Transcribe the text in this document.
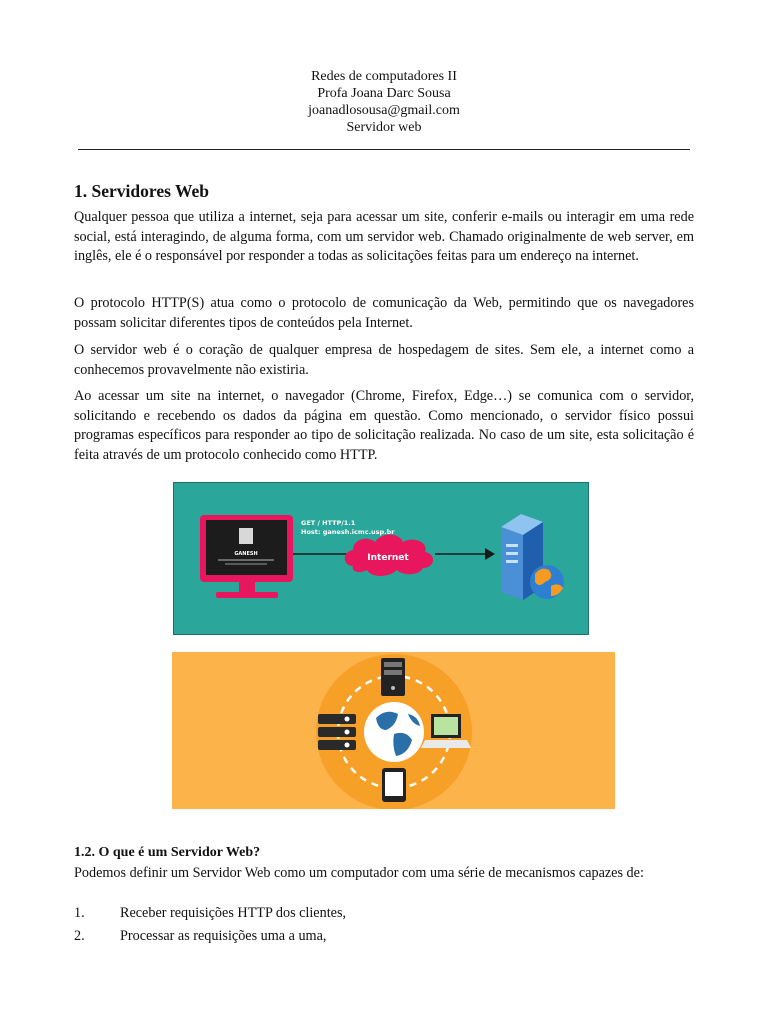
Redes de computadores II
Profa Joana Darc Sousa
joanadlosousa@gmail.com
Servidor web
1. Servidores Web
Qualquer pessoa que utiliza a internet, seja para acessar um site, conferir e-mails ou interagir em uma rede social, está interagindo, de alguma forma, com um servidor web. Chamado originalmente de web server, em inglês, ele é o responsável por responder a todas as solicitações feitas para um endereço na internet.
O protocolo HTTP(S) atua como o protocolo de comunicação da Web, permitindo que os navegadores possam solicitar diferentes tipos de conteúdos pela Internet.
O servidor web é o coração de qualquer empresa de hospedagem de sites. Sem ele, a internet como a conhecemos provavelmente não existiria.
Ao acessar um site na internet, o navegador (Chrome, Firefox, Edge…) se comunica com o servidor, solicitando e recebendo os dados da página em questão. Como mencionado, o servidor físico possui programas específicos para responder ao tipo de solicitação realizada. No caso de um site, esta solicitação é feita através de um protocolo conhecido como HTTP.
GANESH
GET / HTTP/1.1
Host: ganesh.icmc.usp.br
Internet
1.2. O que é um Servidor Web?
Podemos definir um Servidor Web como um computador com uma série de mecanismos capazes de:
1. Receber requisições HTTP dos clientes,
2. Processar as requisições uma a uma,
